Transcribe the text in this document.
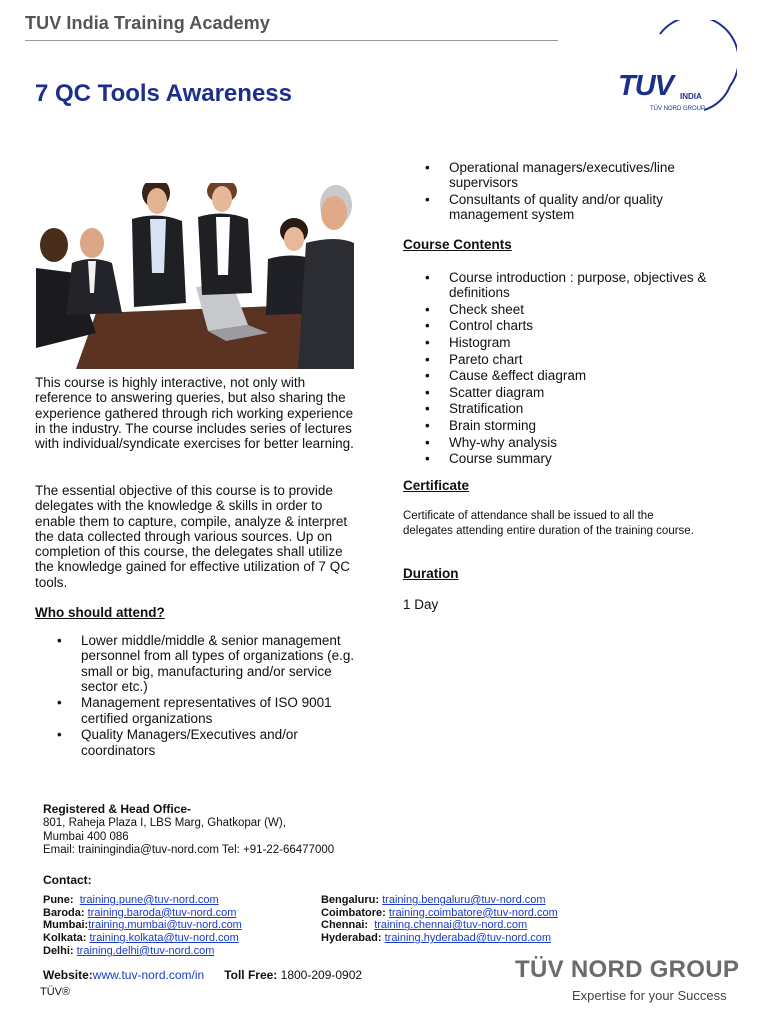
TUV India Training Academy
7 QC Tools Awareness	TUV INDIA
TÜV NORD GROUP
This course is highly interactive, not only with reference to answering queries, but also sharing the experience gathered through rich working experience in the industry. The course includes series of lectures with individual/syndicate exercises for better learning.
The essential objective of this course is to provide delegates with the knowledge & skills in order to enable them to capture, compile, analyze & interpret the data collected through various sources. Up on completion of this course, the delegates shall utilize the knowledge gained for effective utilization of 7 QC tools.
Who should attend?
• Lower middle/middle & senior management personnel from all types of organizations (e.g. small or big, manufacturing and/or service sector etc.)
• Management representatives of ISO 9001 certified organizations
• Quality Managers/Executives and/or coordinators
• Operational managers/executives/line supervisors
• Consultants of quality and/or quality management system
Course Contents
• Course introduction : purpose, objectives & definitions
• Check sheet
• Control charts
• Histogram
• Pareto chart
• Cause &effect diagram
• Scatter diagram
• Stratification
• Brain storming
• Why-why analysis
• Course summary
Certificate
Certificate of attendance shall be issued to all the delegates attending entire duration of the training course.
Duration
1 Day
Registered & Head Office-
801, Raheja Plaza I, LBS Marg, Ghatkopar (W),
Mumbai 400 086
Email: trainingindia@tuv-nord.com Tel: +91-22-66477000
Contact:
Pune: training.pune@tuv-nord.com
Baroda: training.baroda@tuv-nord.com
Mumbai:training.mumbai@tuv-nord.com
Kolkata: training.kolkata@tuv-nord.com
Delhi: training.delhi@tuv-nord.com
Bengaluru: training.bengaluru@tuv-nord.com
Coimbatore: training.coimbatore@tuv-nord.com
Chennai: training.chennai@tuv-nord.com
Hyderabad: training.hyderabad@tuv-nord.com
Website:www.tuv-nord.com/in Toll Free: 1800-209-0902
TÜV®
TÜV NORD GROUP
Expertise for your Success
